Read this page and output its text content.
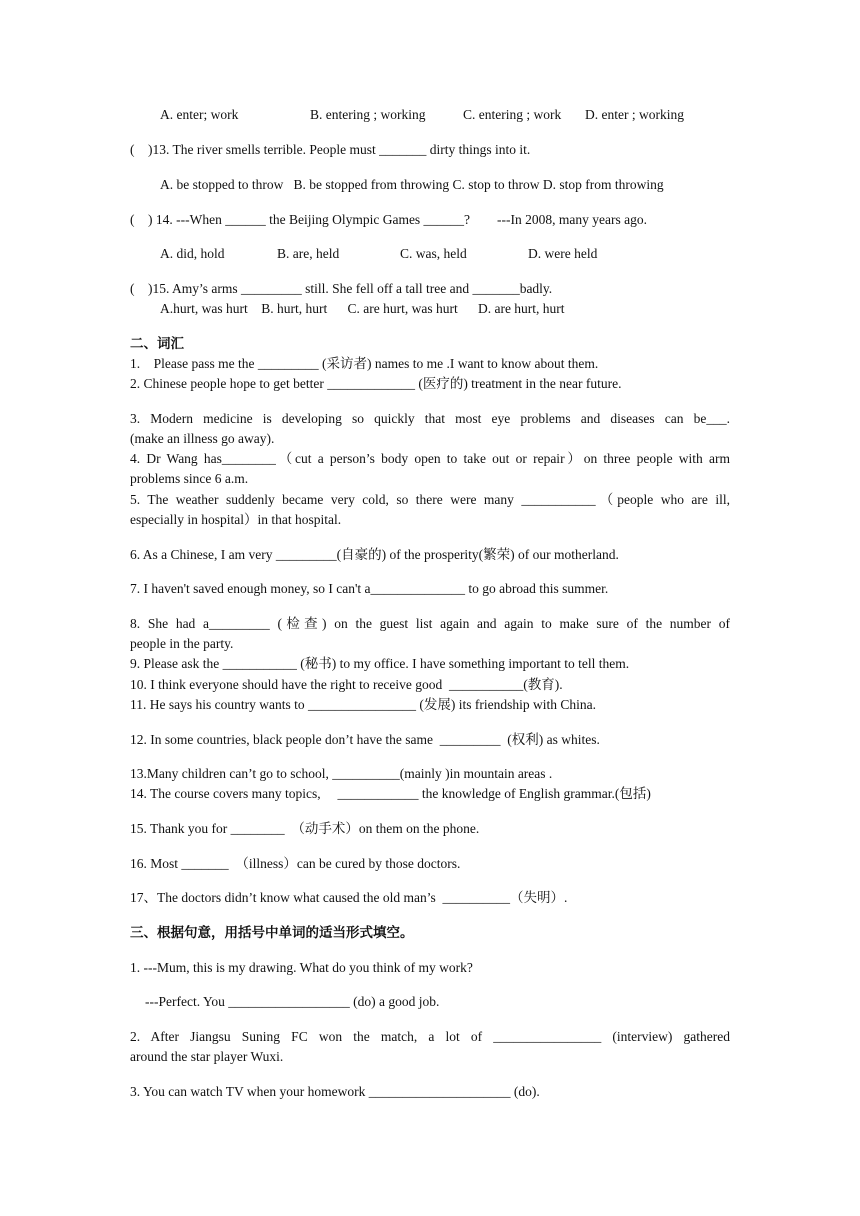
A. enter; work	B. entering ; working	C. entering ; work D. enter ; working
(    )13. The river smells terrible. People must _______ dirty things into it.
A. be stopped to throw   B. be stopped from throwing C. stop to throw D. stop from throwing
(    ) 14. ---When ______ the Beijing Olympic Games ______?        ---In 2008, many years ago.
A. did, hold	B. are, held	C. was, held	D. were held
(    )15. Amy’s arms _________ still. She fell off a tall tree and _______badly.
A.hurt, was hurt    B. hurt, hurt      C. are hurt, was hurt      D. are hurt, hurt
二、词汇
1.    Please pass me the _________ (采访者) names to me .I want to know about them.
2. Chinese people hope to get better _____________ (医疗的) treatment in the near future.
3. Modern medicine is developing so quickly that most eye problems and diseases can be___.
(make an illness go away).
4. Dr Wang has________（cut a person’s body open to take out or repair）on three people with arm
problems since 6 a.m.
5. The weather suddenly became very cold, so there were many ___________（people who are ill,
especially in hospital）in that hospital.
6. As a Chinese, I am very _________(自豪的) of the prosperity(繁荣) of our motherland.
7. I haven't saved enough money, so I can't a______________ to go abroad this summer.
8. She had a_________ (检查) on the guest list again and again to make sure of the number of
people in the party.
9. Please ask the ___________ (秘书) to my office. I have something important to tell them.
10. I think everyone should have the right to receive good  ___________(教育).
11. He says his country wants to ________________ (发展) its friendship with China.
12. In some countries, black people don’t have the same  _________  (权利) as whites.
13.Many children can’t go to school, __________(mainly )in mountain areas .
14. The course covers many topics,     ____________ the knowledge of English grammar.(包括)
15. Thank you for ________  （动手术）on them on the phone.
16. Most _______  （illness）can be cured by those doctors.
17、The doctors didn’t know what caused the old man’s  __________（失明）.
三、根据句意，用括号中单词的适当形式填空。
1. ---Mum, this is my drawing. What do you think of my work?
---Perfect. You __________________ (do) a good job.
2. After Jiangsu Suning FC won the match, a lot of ________________ (interview) gathered
around the star player Wuxi.
3. You can watch TV when your homework _____________________ (do).
